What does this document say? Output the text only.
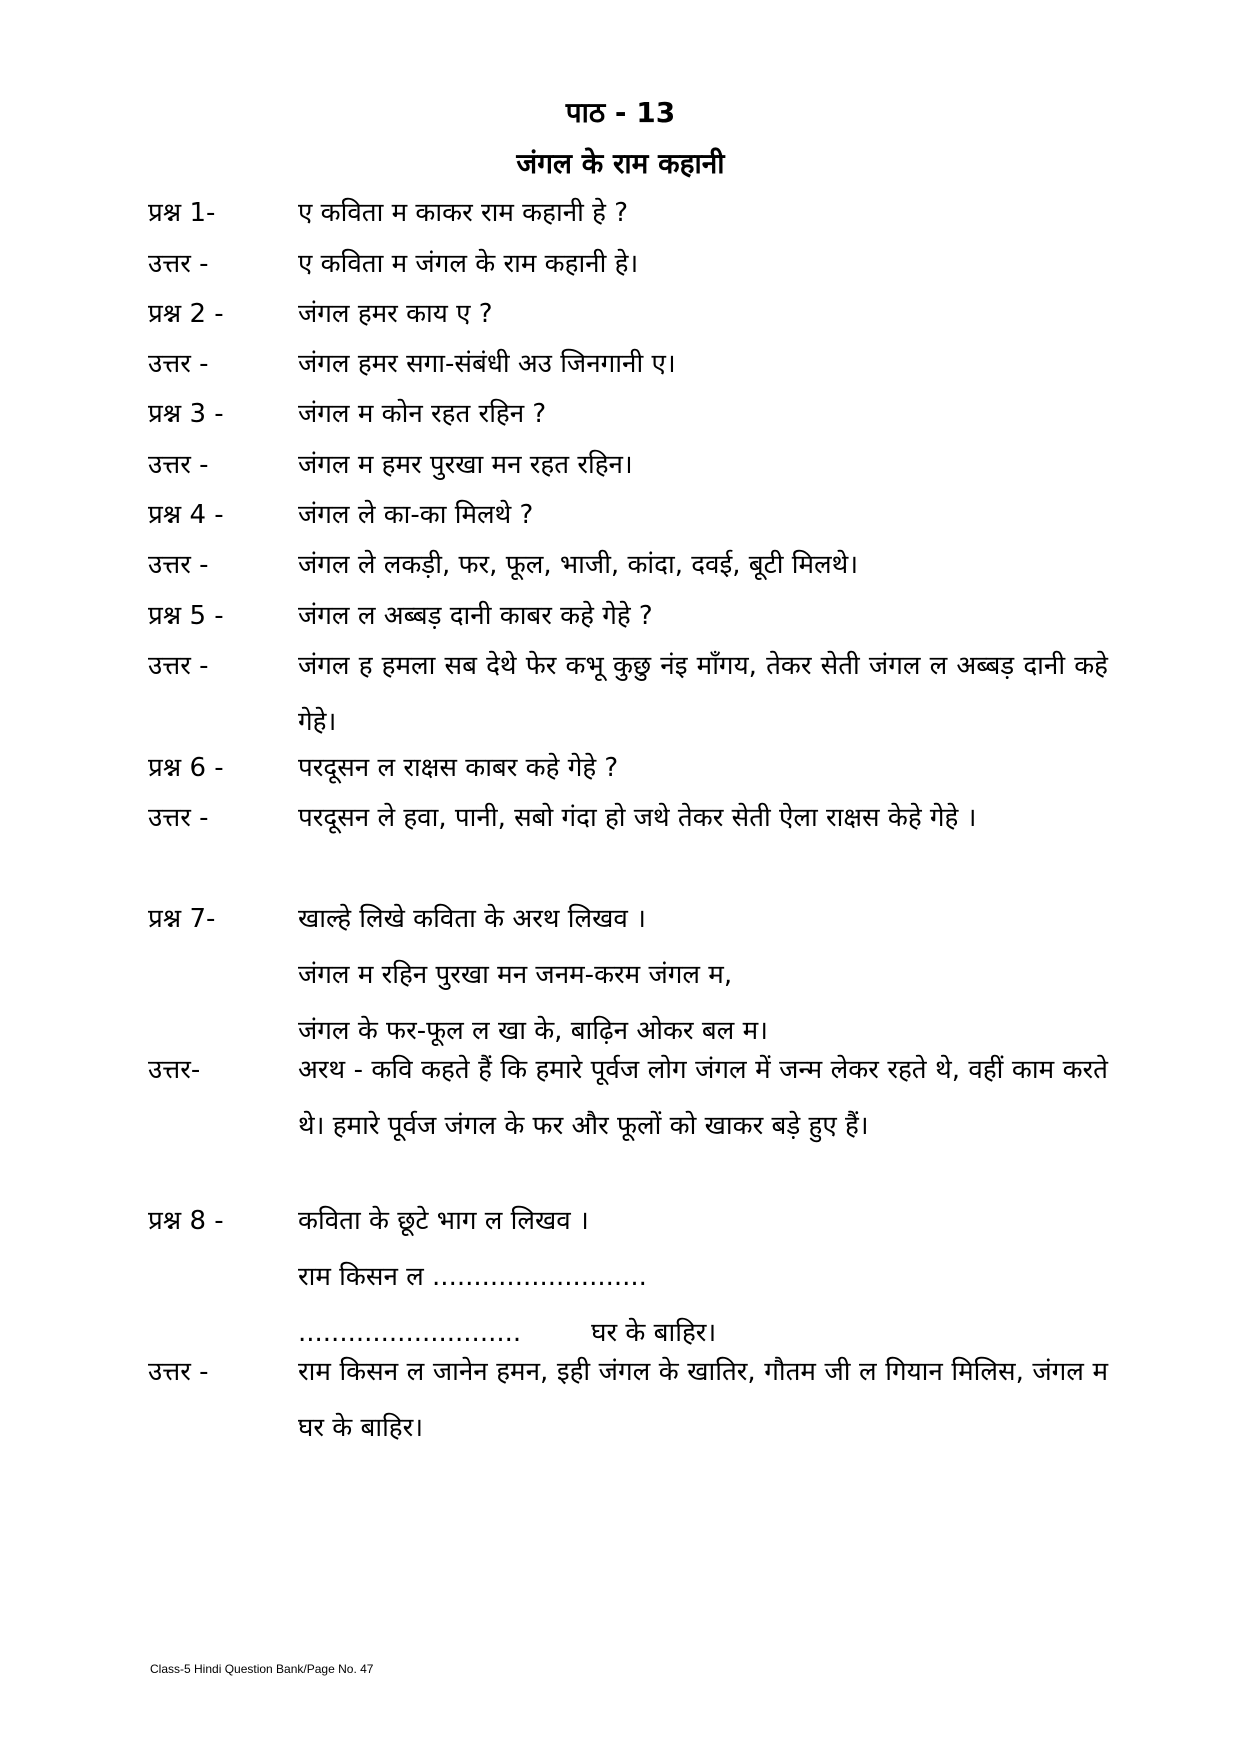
पाठ - 13
जंगल के राम कहानी
प्रश्न 1-	ए कविता म काकर राम कहानी हे ?
उत्तर -	ए कविता म जंगल के राम कहानी हे।
प्रश्न 2 -	जंगल हमर काय ए ?
उत्तर -	जंगल हमर सगा-संबंधी अउ जिनगानी ए।
प्रश्न 3 -	जंगल म कोन रहत रहिन ?
उत्तर -	जंगल म हमर पुरखा मन रहत रहिन।
प्रश्न 4 -	जंगल ले का-का मिलथे ?
उत्तर -	जंगल ले लकड़ी, फर, फूल, भाजी, कांदा, दवई, बूटी मिलथे।
प्रश्न 5 -	जंगल ल अब्बड़ दानी काबर कहे गेहे ?
उत्तर -	जंगल ह हमला सब देथे फेर कभू कुछु नंइ माँगय, तेकर सेती जंगल ल अब्बड़ दानी कहे गेहे।
प्रश्न 6 -	परदूसन ल राक्षस काबर कहे गेहे ?
उत्तर -	परदूसन ले हवा, पानी, सबो गंदा हो जथे तेकर सेती ऐला राक्षस केहे गेहे ।
प्रश्न 7-	खाल्हे लिखे कविता के अरथ लिखव ।
जंगल म रहिन पुरखा मन जनम-करम जंगल म,
जंगल के फर-फूल ल खा के, बाढ़िन ओकर बल म।
उत्तर-	अरथ - कवि कहते हैं कि हमारे पूर्वज लोग जंगल में जन्म लेकर रहते थे, वहीं काम करते थे। हमारे पूर्वज जंगल के फर और फूलों को खाकर बड़े हुए हैं।
प्रश्न 8 -	कविता के छूटे भाग ल लिखव ।
राम किसन ल ..........................
...........................	घर के बाहिर।
उत्तर -	राम किसन ल जानेन हमन, इही जंगल के खातिर, गौतम जी ल गियान मिलिस, जंगल म घर के बाहिर।
Class-5 Hindi Question Bank/Page No. 47
